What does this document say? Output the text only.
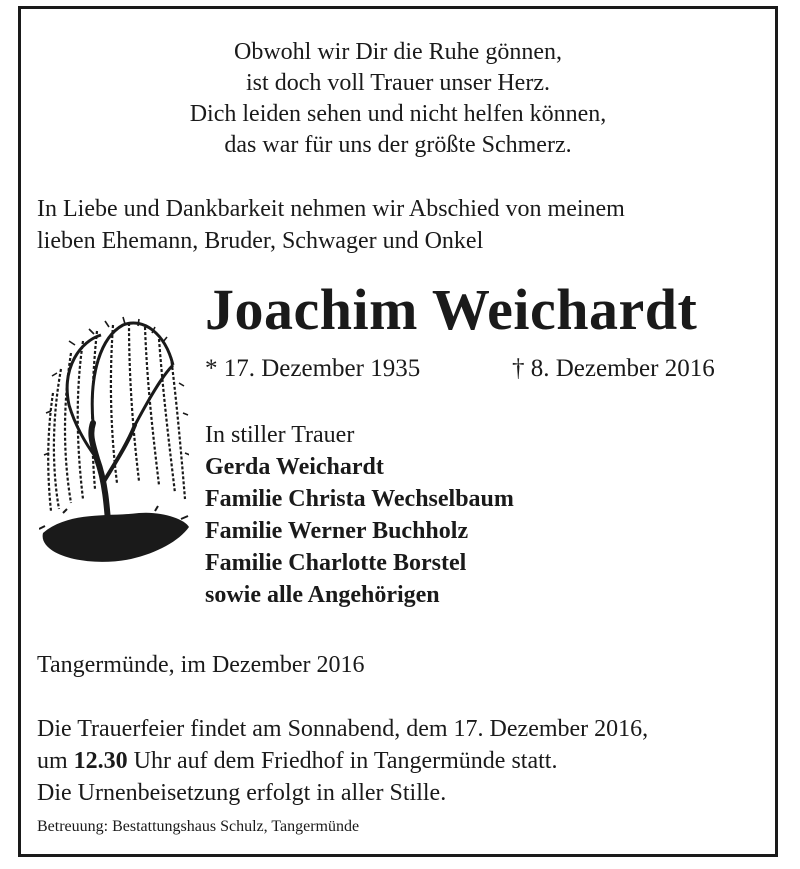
Obwohl wir Dir die Ruhe gönnen,
ist doch voll Trauer unser Herz.
Dich leiden sehen und nicht helfen können,
das war für uns der größte Schmerz.
In Liebe und Dankbarkeit nehmen wir Abschied von meinem
lieben Ehemann, Bruder, Schwager und Onkel
Joachim Weichardt
* 17. Dezember 1935	† 8. Dezember 2016
In stiller Trauer
Gerda Weichardt
Familie Christa Wechselbaum
Familie Werner Buchholz
Familie Charlotte Borstel
sowie alle Angehörigen
Tangermünde, im Dezember 2016
Die Trauerfeier findet am Sonnabend, dem 17. Dezember 2016,
um 12.30 Uhr auf dem Friedhof in Tangermünde statt.
Die Urnenbeisetzung erfolgt in aller Stille.
Betreuung: Bestattungshaus Schulz, Tangermünde
